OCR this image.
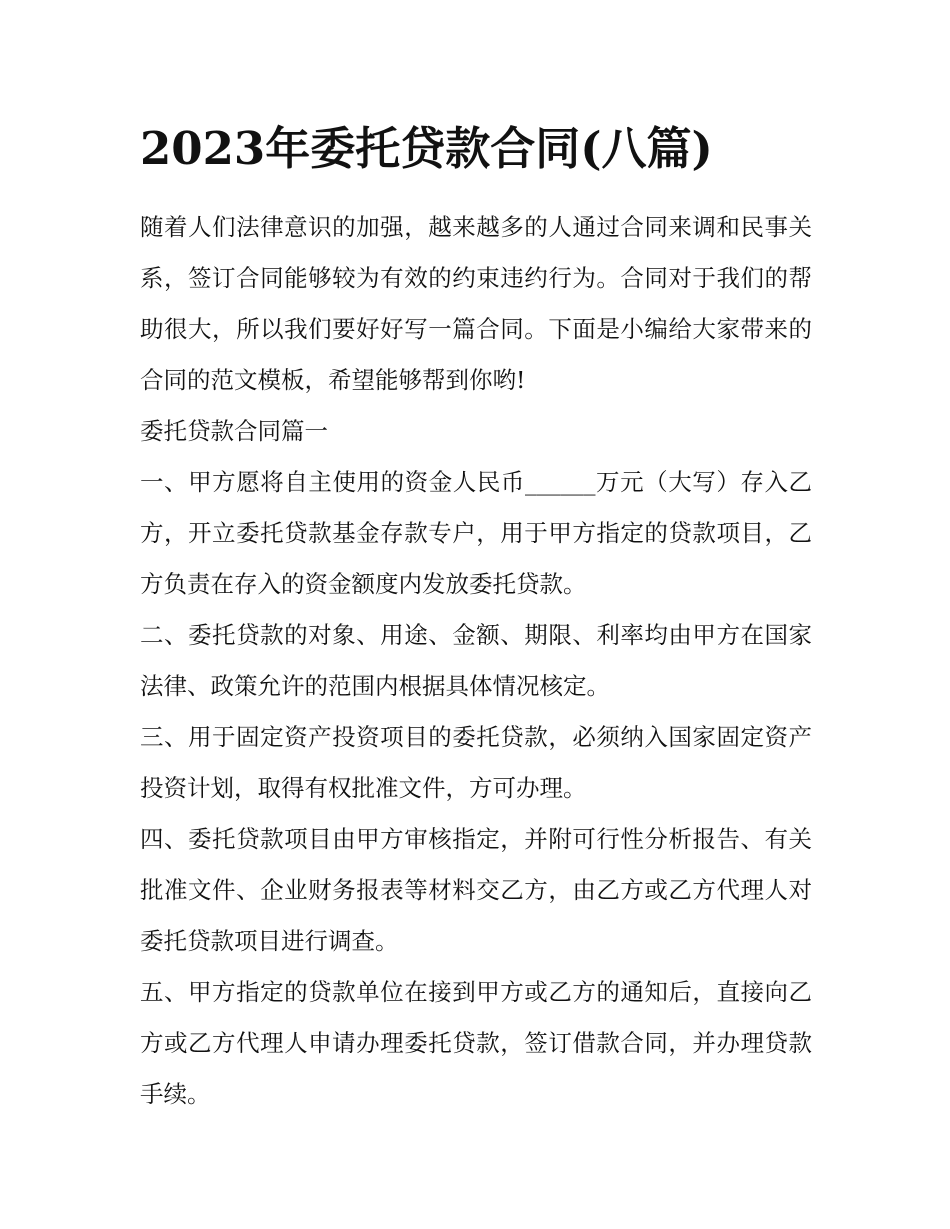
2023年委托贷款合同(八篇)

随着人们法律意识的加强，越来越多的人通过合同来调和民事关系，签订合同能够较为有效的约束违约行为。合同对于我们的帮助很大，所以我们要好好写一篇合同。下面是小编给大家带来的合同的范文模板，希望能够帮到你哟!

委托贷款合同篇一

一、甲方愿将自主使用的资金人民币______万元（大写）存入乙方，开立委托贷款基金存款专户，用于甲方指定的贷款项目，乙方负责在存入的资金额度内发放委托贷款。

二、委托贷款的对象、用途、金额、期限、利率均由甲方在国家法律、政策允许的范围内根据具体情况核定。

三、用于固定资产投资项目的委托贷款，必须纳入国家固定资产投资计划，取得有权批准文件，方可办理。

四、委托贷款项目由甲方审核指定，并附可行性分析报告、有关批准文件、企业财务报表等材料交乙方，由乙方或乙方代理人对委托贷款项目进行调查。

五、甲方指定的贷款单位在接到甲方或乙方的通知后，直接向乙方或乙方代理人申请办理委托贷款，签订借款合同，并办理贷款手续。
